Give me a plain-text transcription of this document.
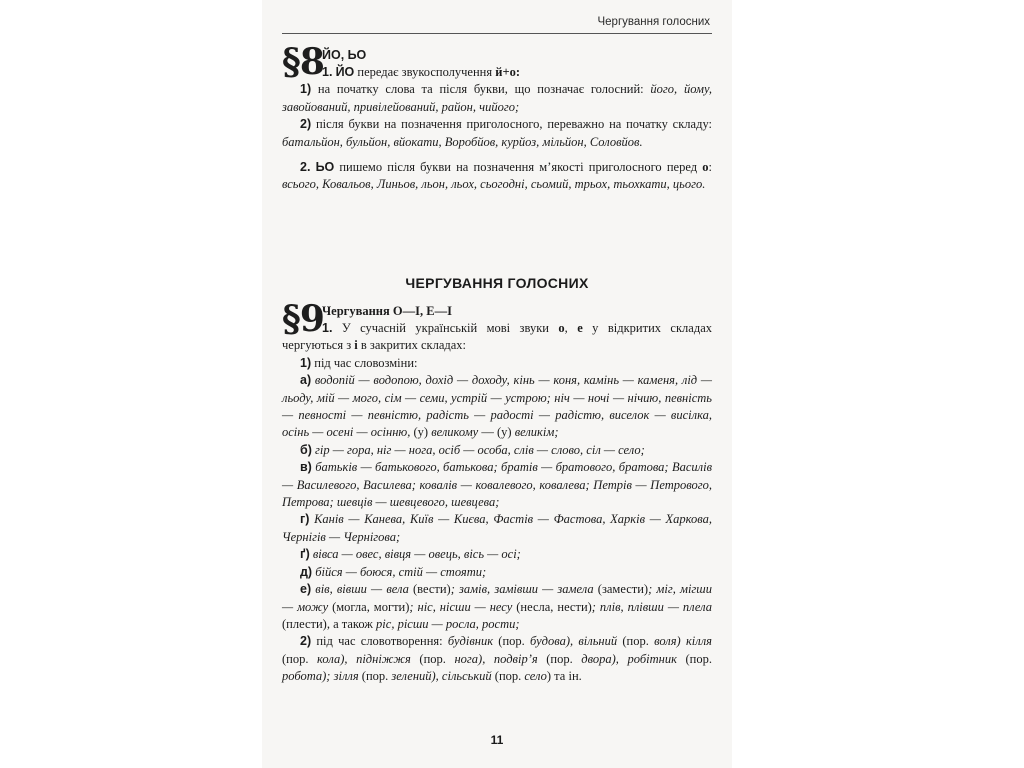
Чергування голосних
§8
ЙО, ЬО

1. ЙО передає звукосполучення й+о:

1) на початку слова та після букви, що позначає голосний: його, йому, завойований, привілейований, район, чийого;

2) після букви на позначення приголосного, переважно на початку складу: батальйон, бульйон, вйокати, Воробйов, курйоз, мільйон, Соловйов.

2. ЬО пишемо після букви на позначення м’якості приголосного перед о: всього, Ковальов, Линьов, льон, льох, сьогодні, сьомий, трьох, тьохкати, цього.

ЧЕРГУВАННЯ ГОЛОСНИХ
§9
Чергування О—І, Е—І

1. У сучасній українській мові звуки о, е у відкритих складах чергуються з і в закритих складах:

1) під час словозміни:

а) водопій — водопою, дохід — доходу, кінь — коня, камінь — каменя, лід — льоду, мій — мого, сім — семи, устрій — устрою; ніч — ночі — нічию, певність — певності — певністю, радість — радості — радістю, виселок — висілка, осінь — осені — осінню, (у) великому — (у) великім;

б) гір — гора, ніг — нога, осіб — особа, слів — слово, сіл — село;

в) батьків — батькового, батькова; братів — братового, братова; Василів — Василевого, Василева; ковалів — ковалевого, ковалева; Петрів — Петрового, Петрова; шевців — шевцевого, шевцева;

г) Канів — Канева, Київ — Києва, Фастів — Фастова, Харків — Харкова, Чернігів — Чернігова;

ґ) вівса — овес, вівця — овець, вісь — осі;

д) бійся — боюся, стій — стояти;

е) вів, вівши — вела (вести); замів, замівши — замела (замести); міг, мігши — можу (могла, могти); ніс, нісши — несу (несла, нести); плів, плівши — плела (плести), а також ріс, рісши — росла, рости;

2) під час словотворення: будівник (пор. будова), вільний (пор. воля) кілля (пор. кола), підніжжя (пор. нога), подвір’я (пор. двора), робітник (пор. робота); зілля (пор. зелений), сільський (пор. село) та ін.

11
